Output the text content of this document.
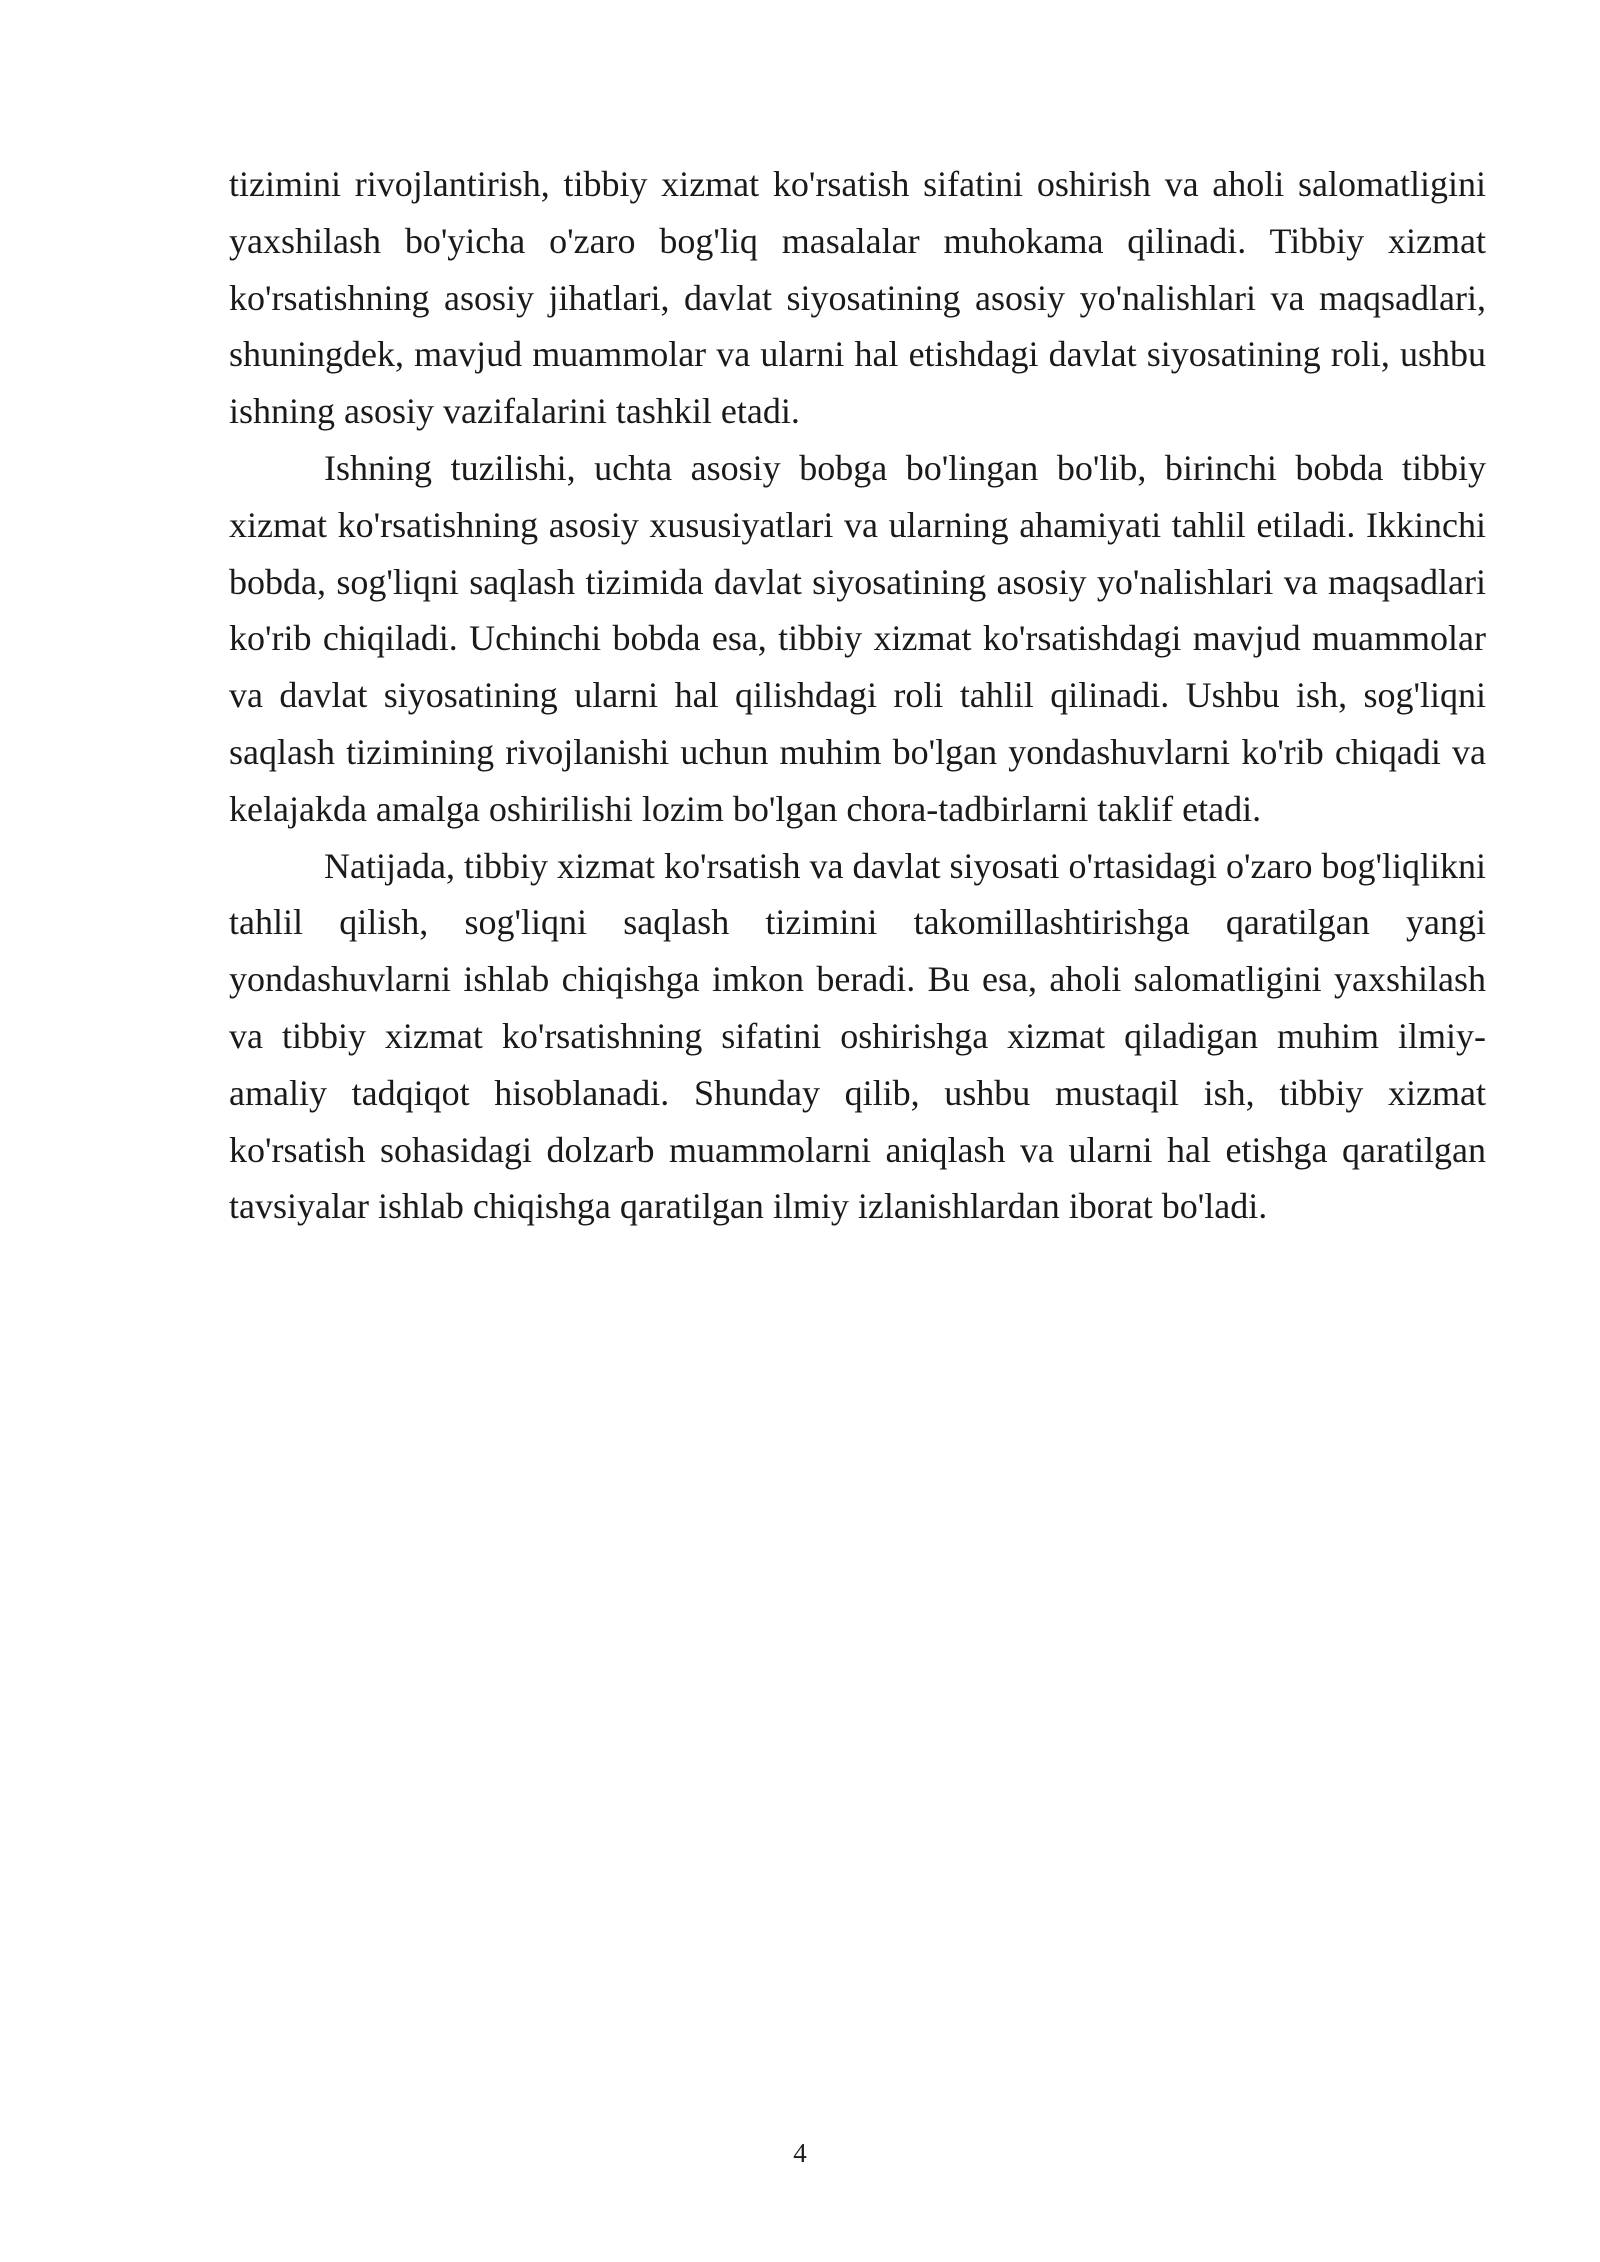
tizimini rivojlantirish, tibbiy xizmat ko'rsatish sifatini oshirish va aholi salomatligini yaxshilash bo'yicha o'zaro bog'liq masalalar muhokama qilinadi. Tibbiy xizmat ko'rsatishning asosiy jihatlari, davlat siyosatining asosiy yo'nalishlari va maqsadlari, shuningdek, mavjud muammolar va ularni hal etishdagi davlat siyosatining roli, ushbu ishning asosiy vazifalarini tashkil etadi.

Ishning tuzilishi, uchta asosiy bobga bo'lingan bo'lib, birinchi bobda tibbiy xizmat ko'rsatishning asosiy xususiyatlari va ularning ahamiyati tahlil etiladi. Ikkinchi bobda, sog'liqni saqlash tizimida davlat siyosatining asosiy yo'nalishlari va maqsadlari ko'rib chiqiladi. Uchinchi bobda esa, tibbiy xizmat ko'rsatishdagi mavjud muammolar va davlat siyosatining ularni hal qilishdagi roli tahlil qilinadi. Ushbu ish, sog'liqni saqlash tizimining rivojlanishi uchun muhim bo'lgan yondashuvlarni ko'rib chiqadi va kelajakda amalga oshirilishi lozim bo'lgan chora-tadbirlarni taklif etadi.

Natijada, tibbiy xizmat ko'rsatish va davlat siyosati o'rtasidagi o'zaro bog'liqlikni tahlil qilish, sog'liqni saqlash tizimini takomillashtirishga qaratilgan yangi yondashuvlarni ishlab chiqishga imkon beradi. Bu esa, aholi salomatligini yaxshilash va tibbiy xizmat ko'rsatishning sifatini oshirishga xizmat qiladigan muhim ilmiy-amaliy tadqiqot hisoblanadi. Shunday qilib, ushbu mustaqil ish, tibbiy xizmat ko'rsatish sohasidagi dolzarb muammolarni aniqlash va ularni hal etishga qaratilgan tavsiyalar ishlab chiqishga qaratilgan ilmiy izlanishlardan iborat bo'ladi.

4
